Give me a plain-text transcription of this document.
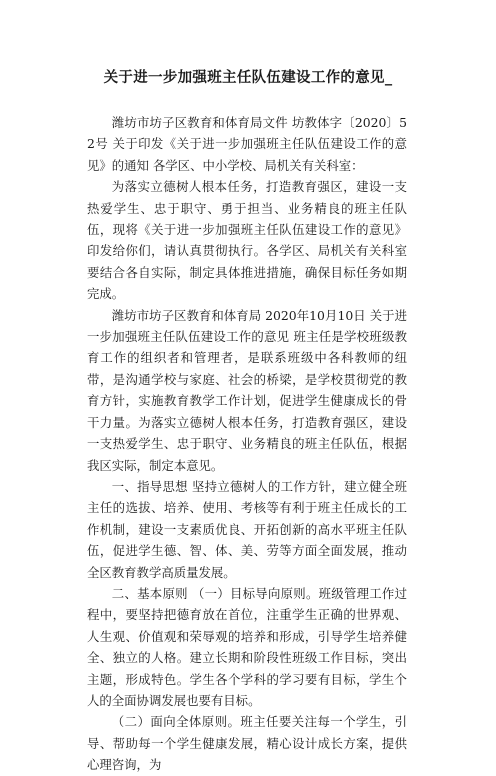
关于进一步加强班主任队伍建设工作的意见_

潍坊市坊子区教育和体育局文件 坊教体字〔2020〕52号 关于印发《关于进一步加强班主任队伍建设工作的意见》的通知 各学区、中小学校、局机关有关科室：

为落实立德树人根本任务，打造教育强区，建设一支热爱学生、忠于职守、勇于担当、业务精良的班主任队伍，现将《关于进一步加强班主任队伍建设工作的意见》印发给你们，请认真贯彻执行。各学区、局机关有关科室要结合各自实际，制定具体推进措施，确保目标任务如期完成。

潍坊市坊子区教育和体育局 2020年10月10日 关于进一步加强班主任队伍建设工作的意见 班主任是学校班级教育工作的组织者和管理者，是联系班级中各科教师的纽带，是沟通学校与家庭、社会的桥梁，是学校贯彻党的教育方针，实施教育教学工作计划，促进学生健康成长的骨干力量。为落实立德树人根本任务，打造教育强区，建设一支热爱学生、忠于职守、业务精良的班主任队伍，根据我区实际，制定本意见。

一、指导思想 坚持立德树人的工作方针，建立健全班主任的选拔、培养、使用、考核等有利于班主任成长的工作机制，建设一支素质优良、开拓创新的高水平班主任队伍，促进学生德、智、体、美、劳等方面全面发展，推动全区教育教学高质量发展。

二、基本原则 （一）目标导向原则。班级管理工作过程中，要坚持把德育放在首位，注重学生正确的世界观、人生观、价值观和荣辱观的培养和形成，引导学生培养健全、独立的人格。建立长期和阶段性班级工作目标，突出主题，形成特色。学生各个学科的学习要有目标，学生个人的全面协调发展也要有目标。

（二）面向全体原则。班主任要关注每一个学生，引导、帮助每一个学生健康发展，精心设计成长方案，提供心理咨询，为
